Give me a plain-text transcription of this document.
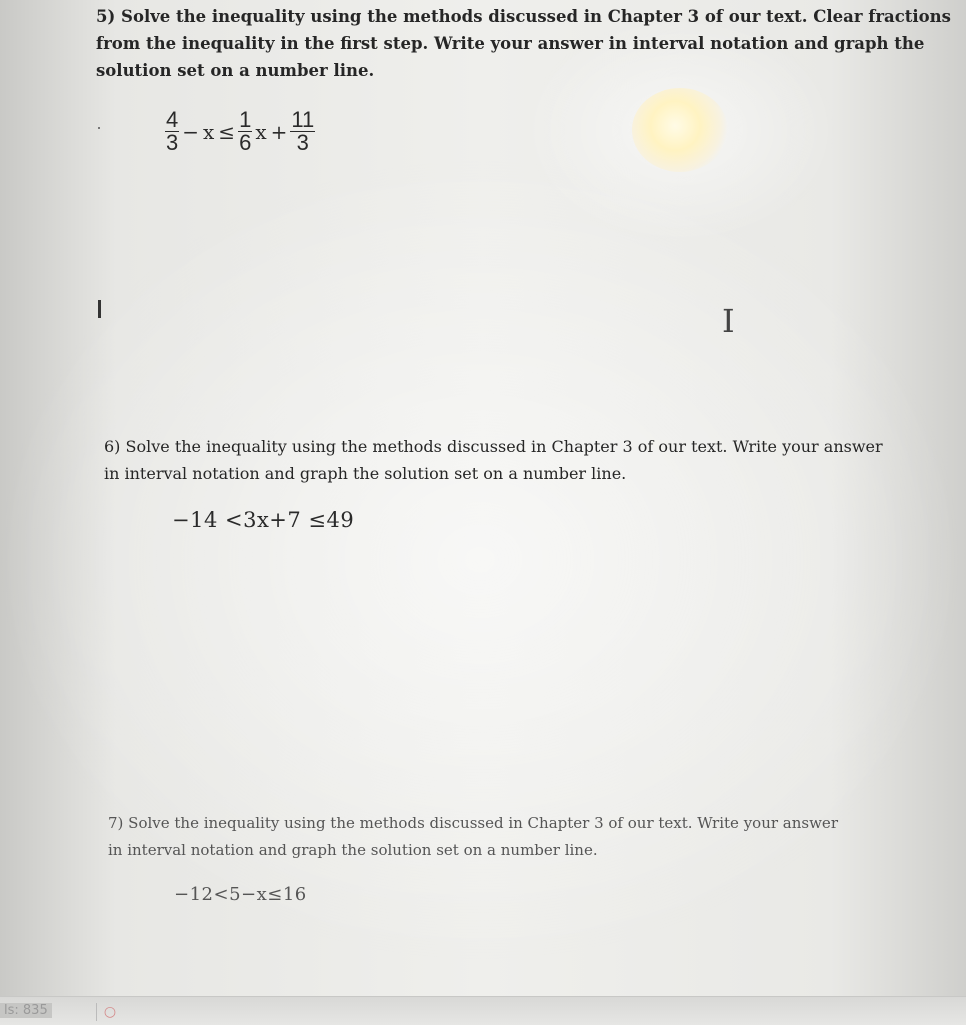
5) Solve the inequality using the methods discussed in Chapter 3 of our text. Clear fractions
from the inequality in the first step. Write your answer in interval notation and graph the
solution set on a number line.
$\frac{4}{3} - x \le \frac{1}{6}$ $x + \frac{11}{3}$
I
6) Solve the inequality using the methods discussed in Chapter 3 of our text. Write your answer
in interval notation and graph the solution set on a number line.
−14 <3x+7 ≤49
7) Solve the inequality using the methods discussed in Chapter 3 of our text. Write your answer
in interval notation and graph the solution set on a number line.
−12<5−x≤16
ls: 835	○
